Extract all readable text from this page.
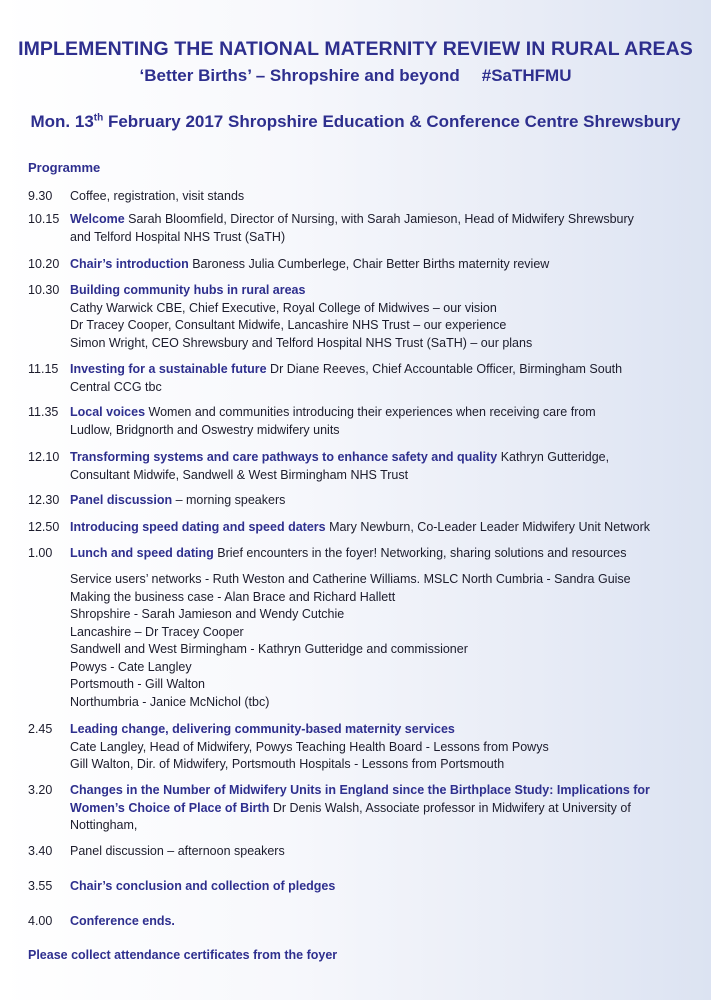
IMPLEMENTING THE NATIONAL MATERNITY REVIEW IN RURAL AREAS
‘Better Births’ – Shropshire and beyond #SaTHFMU
Mon. 13th February 2017 Shropshire Education & Conference Centre Shrewsbury
Programme
9.30	Coffee, registration, visit stands
10.15 Welcome Sarah Bloomfield, Director of Nursing, with Sarah Jamieson, Head of Midwifery Shrewsbury
and Telford Hospital NHS Trust (SaTH)
10.20 Chair’s introduction Baroness Julia Cumberlege, Chair Better Births maternity review
10.30 Building community hubs in rural areas
Cathy Warwick CBE, Chief Executive, Royal College of Midwives – our vision
Dr Tracey Cooper, Consultant Midwife, Lancashire NHS Trust – our experience
Simon Wright, CEO Shrewsbury and Telford Hospital NHS Trust (SaTH) – our plans
11.15 Investing for a sustainable future Dr Diane Reeves, Chief Accountable Officer, Birmingham South
Central CCG tbc
11.35 Local voices Women and communities introducing their experiences when receiving care from
Ludlow, Bridgnorth and Oswestry midwifery units
12.10 Transforming systems and care pathways to enhance safety and quality Kathryn Gutteridge,
Consultant Midwife, Sandwell & West Birmingham NHS Trust
12.30 Panel discussion – morning speakers
12.50 Introducing speed dating and speed daters Mary Newburn, Co-Leader Leader Midwifery Unit Network
1.00	Lunch and speed dating Brief encounters in the foyer! Networking, sharing solutions and resources
Service users’ networks - Ruth Weston and Catherine Williams. MSLC North Cumbria - Sandra Guise
Making the business case - Alan Brace and Richard Hallett
Shropshire - Sarah Jamieson and Wendy Cutchie
Lancashire – Dr Tracey Cooper
Sandwell and West Birmingham - Kathryn Gutteridge and commissioner
Powys - Cate Langley
Portsmouth - Gill Walton
Northumbria - Janice McNichol (tbc)
2.45	Leading change, delivering community-based maternity services
Cate Langley, Head of Midwifery, Powys Teaching Health Board - Lessons from Powys
Gill Walton, Dir. of Midwifery, Portsmouth Hospitals - Lessons from Portsmouth
3.20	Changes in the Number of Midwifery Units in England since the Birthplace Study: Implications for
Women’s Choice of Place of Birth Dr Denis Walsh, Associate professor in Midwifery at University of
Nottingham,
3.40	Panel discussion – afternoon speakers
3.55	Chair’s conclusion and collection of pledges
4.00	Conference ends.
Please collect attendance certificates from the foyer
